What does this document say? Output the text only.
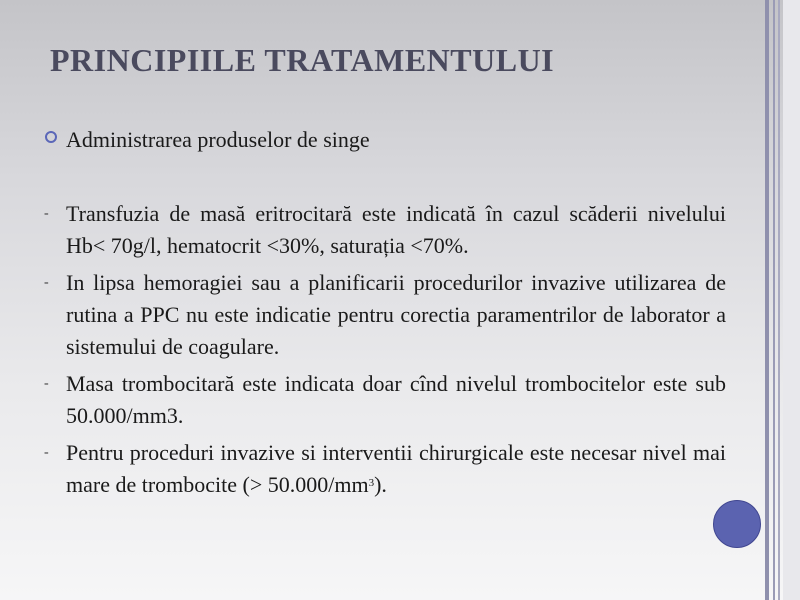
PRINCIPIILE TRATAMENTULUI
Administrarea produselor de singe
- Transfuzia de masă eritrocitară este indicată în cazul scăderii nivelului Hb< 70g/l, hematocrit <30%, saturația <70%.
- In lipsa hemoragiei sau a planificarii procedurilor invazive utilizarea de rutina a PPC nu este indicatie pentru corectia paramentrilor de laborator a sistemului de coagulare.
- Masa trombocitară este indicata doar cînd nivelul trombocitelor este sub 50.000/mm3.
- Pentru proceduri invazive si interventii chirurgicale este necesar nivel mai mare de trombocite (> $50.000/mm^3$).
